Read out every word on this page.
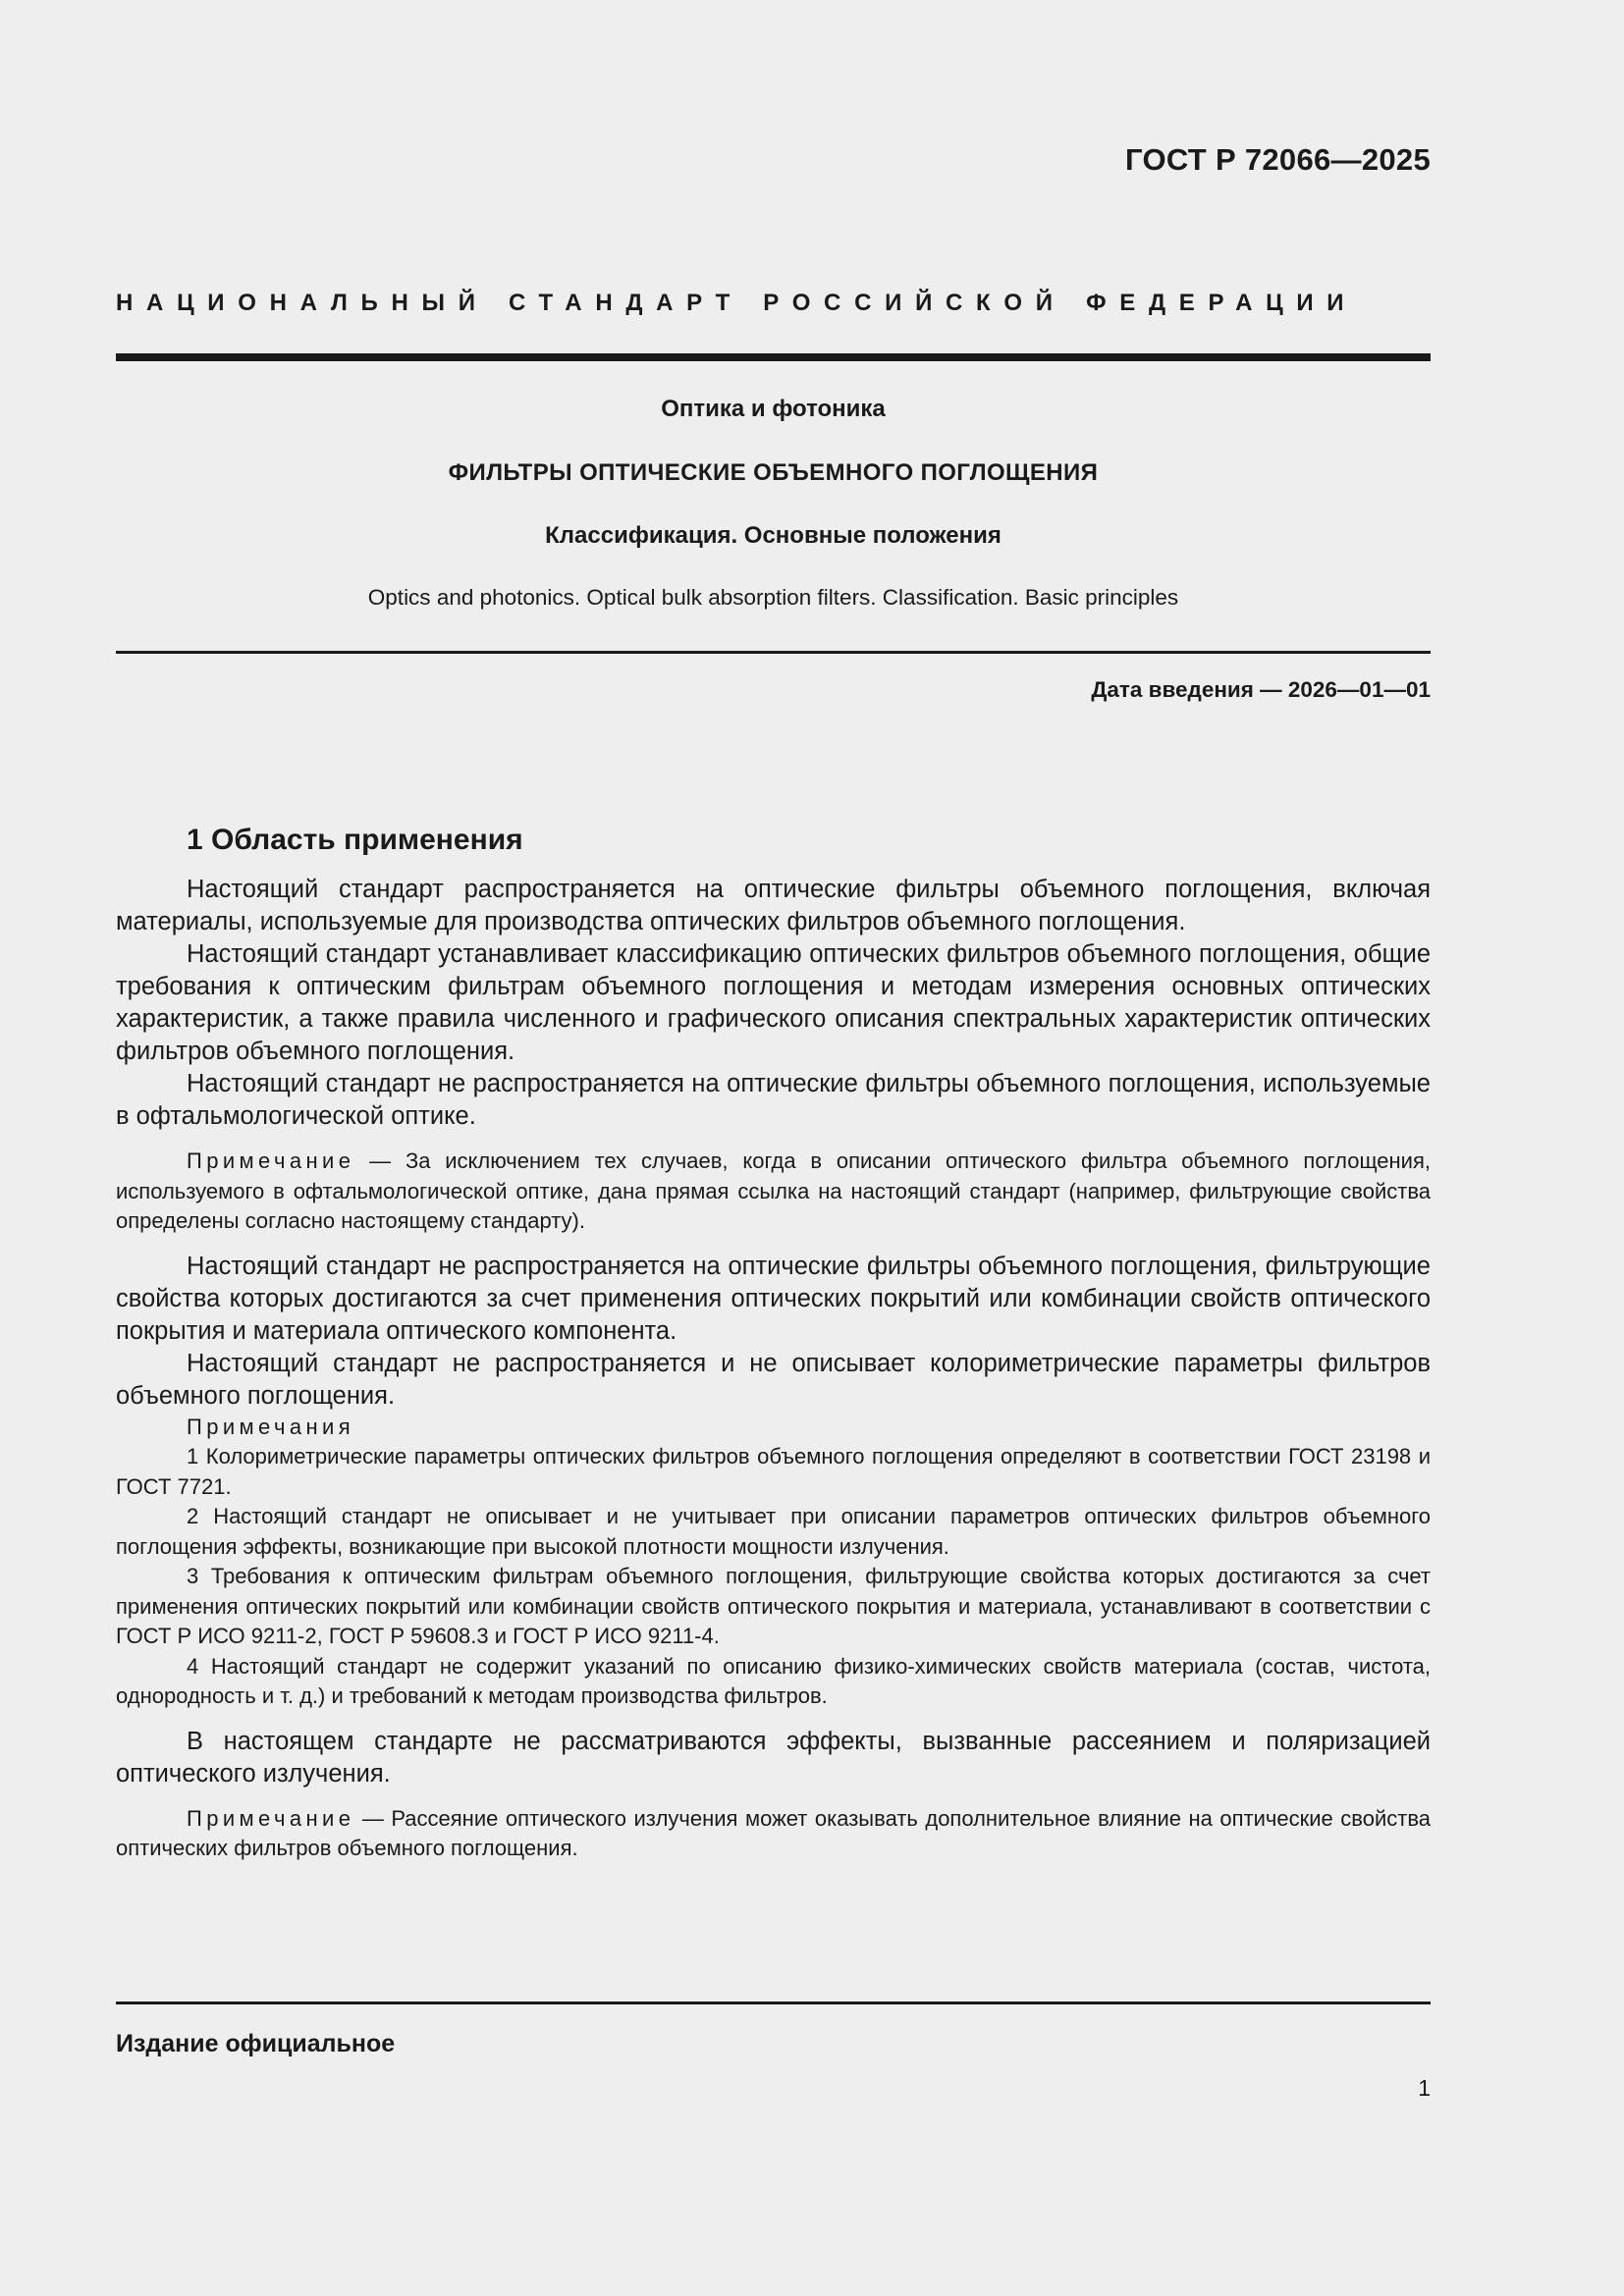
ГОСТ Р 72066—2025
НАЦИОНАЛЬНЫЙ СТАНДАРТ РОССИЙСКОЙ ФЕДЕРАЦИИ
Оптика и фотоника
ФИЛЬТРЫ ОПТИЧЕСКИЕ ОБЪЕМНОГО ПОГЛОЩЕНИЯ
Классификация. Основные положения
Optics and photonics. Optical bulk absorption filters. Classification. Basic principles
Дата введения — 2026—01—01
1 Область применения

Настоящий стандарт распространяется на оптические фильтры объемного поглощения, включая материалы, используемые для производства оптических фильтров объемного поглощения.

Настоящий стандарт устанавливает классификацию оптических фильтров объемного поглощения, общие требования к оптическим фильтрам объемного поглощения и методам измерения основных оптических характеристик, а также правила численного и графического описания спектральных характеристик оптических фильтров объемного поглощения.

Настоящий стандарт не распространяется на оптические фильтры объемного поглощения, используемые в офтальмологической оптике.

Примечание — За исключением тех случаев, когда в описании оптического фильтра объемного поглощения, используемого в офтальмологической оптике, дана прямая ссылка на настоящий стандарт (например, фильтрующие свойства определены согласно настоящему стандарту).

Настоящий стандарт не распространяется на оптические фильтры объемного поглощения, фильтрующие свойства которых достигаются за счет применения оптических покрытий или комбинации свойств оптического покрытия и материала оптического компонента.

Настоящий стандарт не распространяется и не описывает колориметрические параметры фильтров объемного поглощения.

Примечания

1 Колориметрические параметры оптических фильтров объемного поглощения определяют в соответствии ГОСТ 23198 и ГОСТ 7721.

2 Настоящий стандарт не описывает и не учитывает при описании параметров оптических фильтров объемного поглощения эффекты, возникающие при высокой плотности мощности излучения.

3 Требования к оптическим фильтрам объемного поглощения, фильтрующие свойства которых достигаются за счет применения оптических покрытий или комбинации свойств оптического покрытия и материала, устанавливают в соответствии с ГОСТ Р ИСО 9211-2, ГОСТ Р 59608.3 и ГОСТ Р ИСО 9211-4.

4 Настоящий стандарт не содержит указаний по описанию физико-химических свойств материала (состав, чистота, однородность и т. д.) и требований к методам производства фильтров.

В настоящем стандарте не рассматриваются эффекты, вызванные рассеянием и поляризацией оптического излучения.

Примечание — Рассеяние оптического излучения может оказывать дополнительное влияние на оптические свойства оптических фильтров объемного поглощения.

Издание официальное
1
